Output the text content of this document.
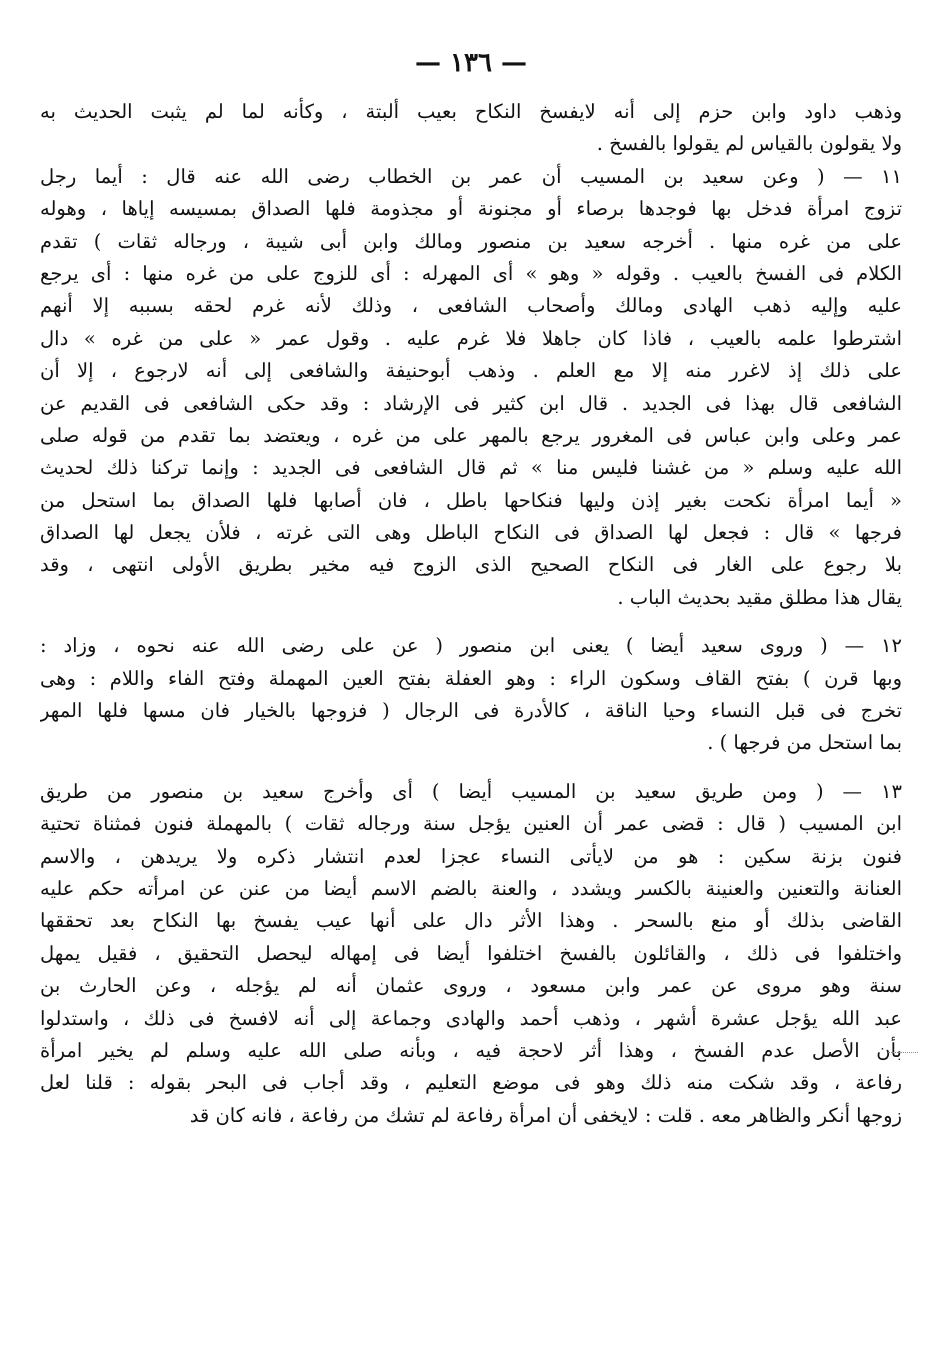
— ١٣٦ —
وذهب داود وابن حزم إلى أنه لايفسخ النكاح بعيب ألبتة ، وكأنه لما لم يثبت الحديث به
ولا يقولون بالقياس لم يقولوا بالفسخ .
١١ — ( وعن سعيد بن المسيب أن عمر بن الخطاب رضى الله عنه قال : أيما رجل
تزوج امرأة فدخل بها فوجدها برصاء أو مجنونة أو مجذومة فلها الصداق بمسيسه إياها ، وهوله
على من غره منها . أخرجه سعيد بن منصور ومالك وابن أبى شيبة ، ورجاله ثقات ) تقدم
الكلام فى الفسخ بالعيب . وقوله « وهو » أى المهرله : أى للزوج على من غره منها : أى يرجع
عليه وإليه ذهب الهادى ومالك وأصحاب الشافعى ، وذلك لأنه غرم لحقه بسببه إلا أنهم
اشترطوا علمه بالعيب ، فاذا كان جاهلا فلا غرم عليه . وقول عمر « على من غره » دال
على ذلك إذ لاغرر منه إلا مع العلم . وذهب أبوحنيفة والشافعى إلى أنه لارجوع ، إلا أن
الشافعى قال بهذا فى الجديد . قال ابن كثير فى الإرشاد : وقد حكى الشافعى فى القديم عن
عمر وعلى وابن عباس فى المغرور يرجع بالمهر على من غره ، ويعتضد بما تقدم من قوله صلى
الله عليه وسلم « من غشنا فليس منا » ثم قال الشافعى فى الجديد : وإنما تركنا ذلك لحديث
« أيما امرأة نكحت بغير إذن وليها فنكاحها باطل ، فان أصابها فلها الصداق بما استحل من
فرجها » قال : فجعل لها الصداق فى النكاح الباطل وهى التى غرته ، فلأن يجعل لها الصداق
بلا رجوع على الغار فى النكاح الصحيح الذى الزوج فيه مخير بطريق الأولى انتهى ، وقد
يقال هذا مطلق مقيد بحديث الباب .
١٢ — ( وروى سعيد أيضا ) يعنى ابن منصور ( عن على رضى الله عنه نحوه ، وزاد :
وبها قرن ) بفتح القاف وسكون الراء : وهو العفلة بفتح العين المهملة وفتح الفاء واللام : وهى
تخرج فى قبل النساء وحيا الناقة ، كالأدرة فى الرجال ( فزوجها بالخيار فان مسها فلها المهر
بما استحل من فرجها ) .
١٣ — ( ومن طريق سعيد بن المسيب أيضا ) أى وأخرج سعيد بن منصور من طريق
ابن المسيب ( قال : قضى عمر أن العنين يؤجل سنة ورجاله ثقات ) بالمهملة فنون فمثناة تحتية
فنون بزنة سكين : هو من لايأتى النساء عجزا لعدم انتشار ذكره ولا يريدهن ، والاسم
العنانة والتعنين والعنينة بالكسر ويشدد ، والعنة بالضم الاسم أيضا من عنن عن امرأته حكم عليه
القاضى بذلك أو منع بالسحر . وهذا الأثر دال على أنها عيب يفسخ بها النكاح بعد تحققها
واختلفوا فى ذلك ، والقائلون بالفسخ اختلفوا أيضا فى إمهاله ليحصل التحقيق ، فقيل يمهل
سنة وهو مروى عن عمر وابن مسعود ، وروى عثمان أنه لم يؤجله ، وعن الحارث بن
عبد الله يؤجل عشرة أشهر ، وذهب أحمد والهادى وجماعة إلى أنه لافسخ فى ذلك ، واستدلوا
بأن الأصل عدم الفسخ ، وهذا أثر لاحجة فيه ، وبأنه صلى الله عليه وسلم لم يخير امرأة
رفاعة ، وقد شكت منه ذلك وهو فى موضع التعليم ، وقد أجاب فى البحر بقوله : قلنا لعل
زوجها أنكر والظاهر معه . قلت : لايخفى أن امرأة رفاعة لم تشك من رفاعة ، فانه كان قد
